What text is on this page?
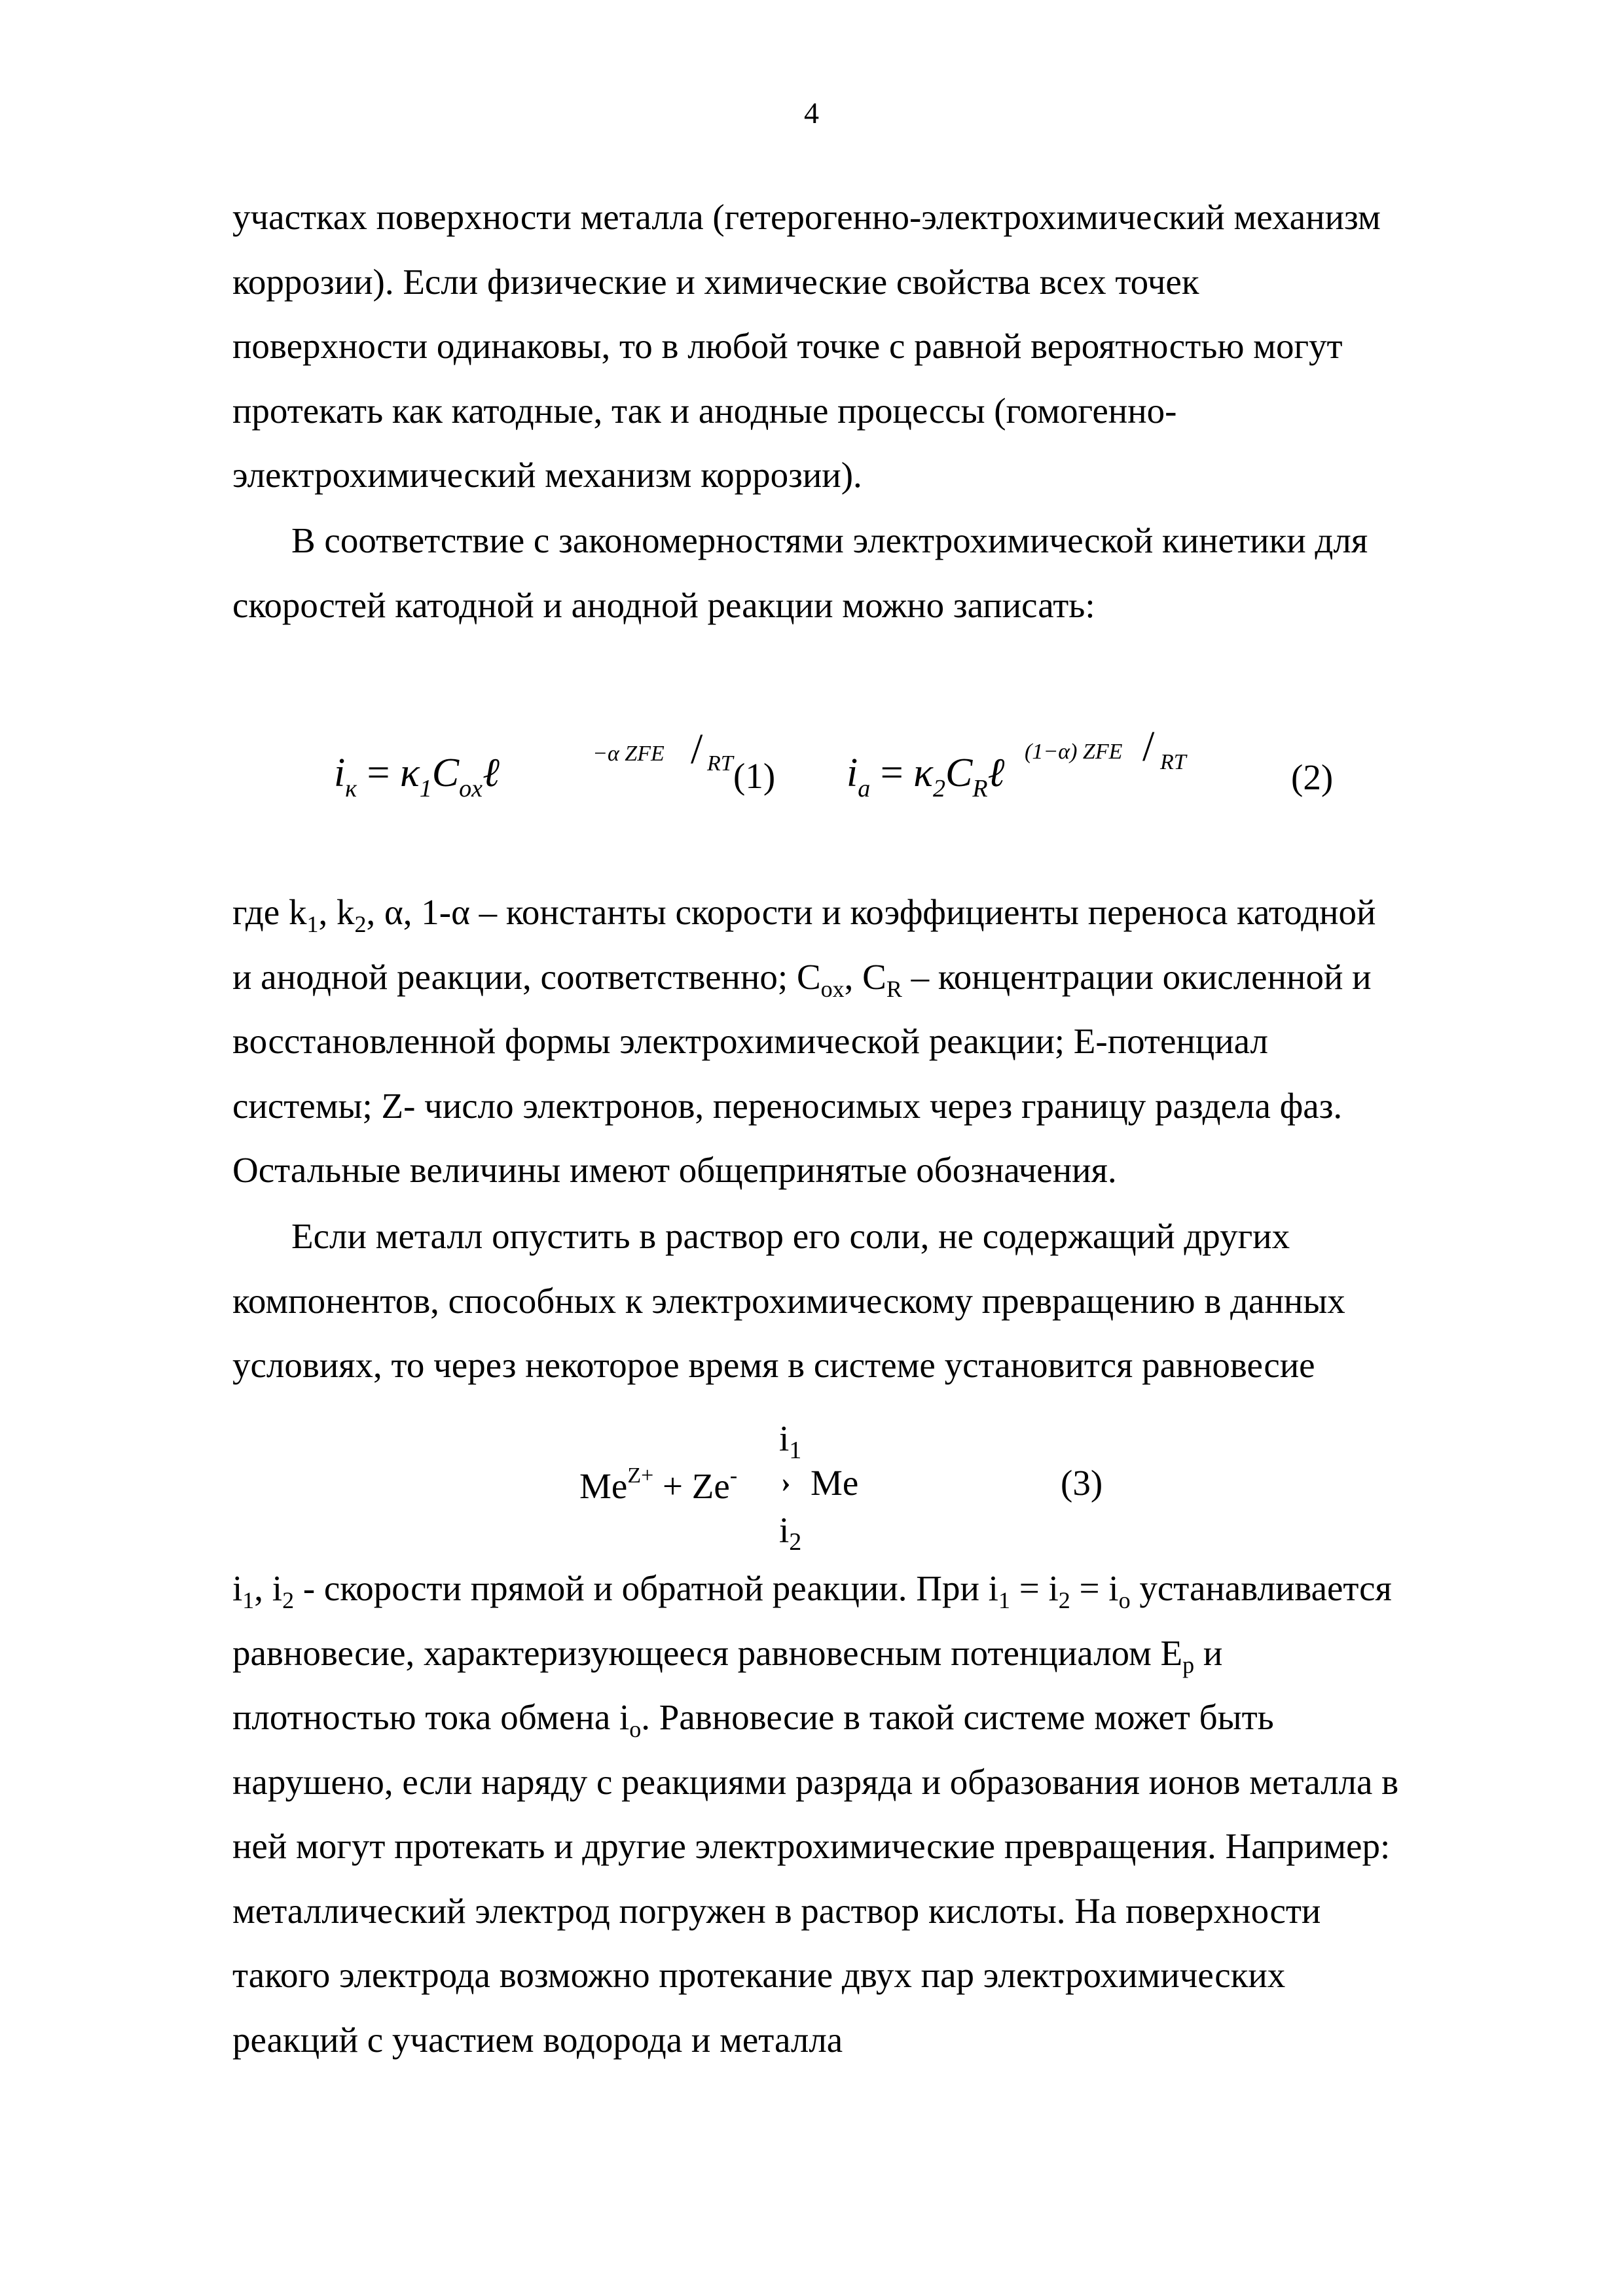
4

участках поверхности металла (гетерогенно-электрохимический механизм

коррозии). Если физические и химические свойства всех точек

поверхности одинаковы, то в любой точке с равной вероятностью могут

протекать как катодные, так и анодные процессы (гомогенно-

электрохимический механизм коррозии).

В соответствие с закономерностями электрохимической кинетики для

скоростей катодной и анодной реакции можно записать:

$i_к$ = $\kappa_1C_{ox}\ell$	−α ZFE / RT (1) $i_a$ = $\kappa_2C_R\ell$ (1−α) ZFE / RT	(2)

где $k_1$, $k_2$, α, 1-α – константы скорости и коэффициенты переноса катодной

и анодной реакции, соответственно; $C_{ox}$, $C_R$ – концентрации окисленной и

восстановленной формы электрохимической реакции; E-потенциал

системы; Z- число электронов, переносимых через границу раздела фаз.

Остальные величины имеют общепринятые обозначения.

Если металл опустить в раствор его соли, не содержащий других

компонентов, способных к электрохимическому превращению в данных

условиях, то через некоторое время в системе установится равновесие

$i_1$
$Me^{Z+} + Ze^-$ › Me
$i_2$
(3)

$i_1$, $i_2$ - скорости прямой и обратной реакции. При $i_1 = i_2 = i_o$ устанавливается

равновесие, характеризующееся равновесным потенциалом $E_p$ и

плотностью тока обмена $i_o$. Равновесие в такой системе может быть

нарушено, если наряду с реакциями разряда и образования ионов металла в

ней могут протекать и другие электрохимические превращения. Например:

металлический электрод погружен в раствор кислоты. На поверхности

такого электрода возможно протекание двух пар электрохимических

реакций с участием водорода и металла
